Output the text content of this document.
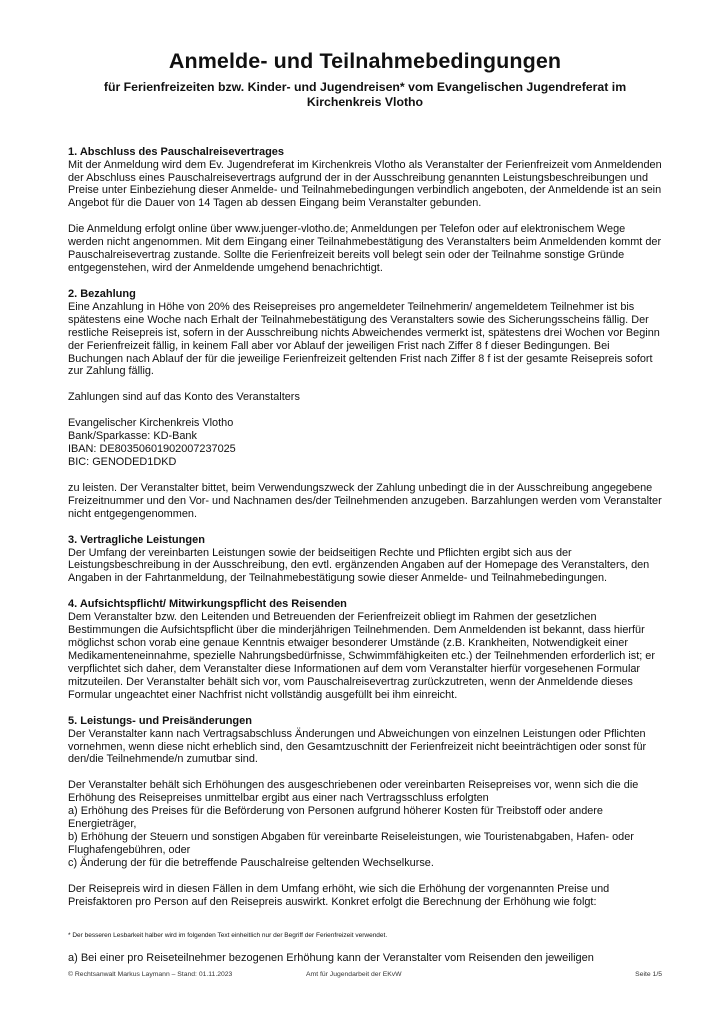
Anmelde- und Teilnahmebedingungen
für Ferienfreizeiten bzw. Kinder- und Jugendreisen* vom Evangelischen Jugendreferat im
Kirchenkreis Vlotho
1. Abschluss des Pauschalreisevertrages

Mit der Anmeldung wird dem Ev. Jugendreferat im Kirchenkreis Vlotho als Veranstalter der Ferienfreizeit vom Anmeldenden der Abschluss eines Pauschalreisevertrags aufgrund der in der Ausschreibung genannten Leistungsbeschreibungen und Preise unter Einbeziehung dieser Anmelde- und Teilnahmebedingungen verbindlich angeboten, der Anmeldende ist an sein Angebot für die Dauer von 14 Tagen ab dessen Eingang beim Veranstalter gebunden.

Die Anmeldung erfolgt online über www.juenger-vlotho.de; Anmeldungen per Telefon oder auf elektronischem Wege werden nicht angenommen. Mit dem Eingang einer Teilnahmebestätigung des Veranstalters beim Anmeldenden kommt der Pauschalreisevertrag zustande. Sollte die Ferienfreizeit bereits voll belegt sein oder der Teilnahme sonstige Gründe entgegenstehen, wird der Anmeldende umgehend benachrichtigt.

2. Bezahlung

Eine Anzahlung in Höhe von 20% des Reisepreises pro angemeldeter Teilnehmerin/ angemeldetem Teilnehmer ist bis spätestens eine Woche nach Erhalt der Teilnahmebestätigung des Veranstalters sowie des Sicherungsscheins fällig. Der restliche Reisepreis ist, sofern in der Ausschreibung nichts Abweichendes vermerkt ist, spätestens drei Wochen vor Beginn der Ferienfreizeit fällig, in keinem Fall aber vor Ablauf der jeweiligen Frist nach Ziffer 8 f dieser Bedingungen. Bei Buchungen nach Ablauf der für die jeweilige Ferienfreizeit geltenden Frist nach Ziffer 8 f ist der gesamte Reisepreis sofort zur Zahlung fällig.

Zahlungen sind auf das Konto des Veranstalters

Evangelischer Kirchenkreis Vlotho

Bank/Sparkasse: KD-Bank

IBAN: DE80350601902007237025

BIC: GENODED1DKD

zu leisten. Der Veranstalter bittet, beim Verwendungszweck der Zahlung unbedingt die in der Ausschreibung angegebene Freizeitnummer und den Vor- und Nachnamen des/der Teilnehmenden anzugeben. Barzahlungen werden vom Veranstalter nicht entgegengenommen.

3. Vertragliche Leistungen

Der Umfang der vereinbarten Leistungen sowie der beidseitigen Rechte und Pflichten ergibt sich aus der Leistungsbeschreibung in der Ausschreibung, den evtl. ergänzenden Angaben auf der Homepage des Veranstalters, den Angaben in der Fahrtanmeldung, der Teilnahmebestätigung sowie dieser Anmelde- und Teilnahmebedingungen.

4. Aufsichtspflicht/ Mitwirkungspflicht des Reisenden

Dem Veranstalter bzw. den Leitenden und Betreuenden der Ferienfreizeit obliegt im Rahmen der gesetzlichen Bestimmungen die Aufsichtspflicht über die minderjährigen Teilnehmenden. Dem Anmeldenden ist bekannt, dass hierfür möglichst schon vorab eine genaue Kenntnis etwaiger besonderer Umstände (z.B. Krankheiten, Notwendigkeit einer Medikamenteneinnahme, spezielle Nahrungsbedürfnisse, Schwimmfähigkeiten etc.) der Teilnehmenden erforderlich ist; er verpflichtet sich daher, dem Veranstalter diese Informationen auf dem vom Veranstalter hierfür vorgesehenen Formular mitzuteilen. Der Veranstalter behält sich vor, vom Pauschalreisevertrag zurückzutreten, wenn der Anmeldende dieses Formular ungeachtet einer Nachfrist nicht vollständig ausgefüllt bei ihm einreicht.

5. Leistungs- und Preisänderungen

Der Veranstalter kann nach Vertragsabschluss Änderungen und Abweichungen von einzelnen Leistungen oder Pflichten vornehmen, wenn diese nicht erheblich sind, den Gesamtzuschnitt der Ferienfreizeit nicht beeinträchtigen oder sonst für den/die Teilnehmende/n zumutbar sind.

Der Veranstalter behält sich Erhöhungen des ausgeschriebenen oder vereinbarten Reisepreises vor, wenn sich die die Erhöhung des Reisepreises unmittelbar ergibt aus einer nach Vertragsschluss erfolgten

a) Erhöhung des Preises für die Beförderung von Personen aufgrund höherer Kosten für Treibstoff oder andere Energieträger,

b) Erhöhung der Steuern und sonstigen Abgaben für vereinbarte Reiseleistungen, wie Touristenabgaben, Hafen- oder Flughafengebühren, oder

c) Änderung der für die betreffende Pauschalreise geltenden Wechselkurse.

Der Reisepreis wird in diesen Fällen in dem Umfang erhöht, wie sich die Erhöhung der vorgenannten Preise und Preisfaktoren pro Person auf den Reisepreis auswirkt. Konkret erfolgt die Berechnung der Erhöhung wie folgt:

* Der besseren Lesbarkeit halber wird im folgenden Text einheitlich nur der Begriff der Ferienfreizeit verwendet.

a) Bei einer pro Reiseteilnehmer bezogenen Erhöhung kann der Veranstalter vom Reisenden den jeweiligen

© Rechtsanwalt Markus Laymann – Stand: 01.11.2023	Amt für Jugendarbeit der EKvW	Seite 1/5
